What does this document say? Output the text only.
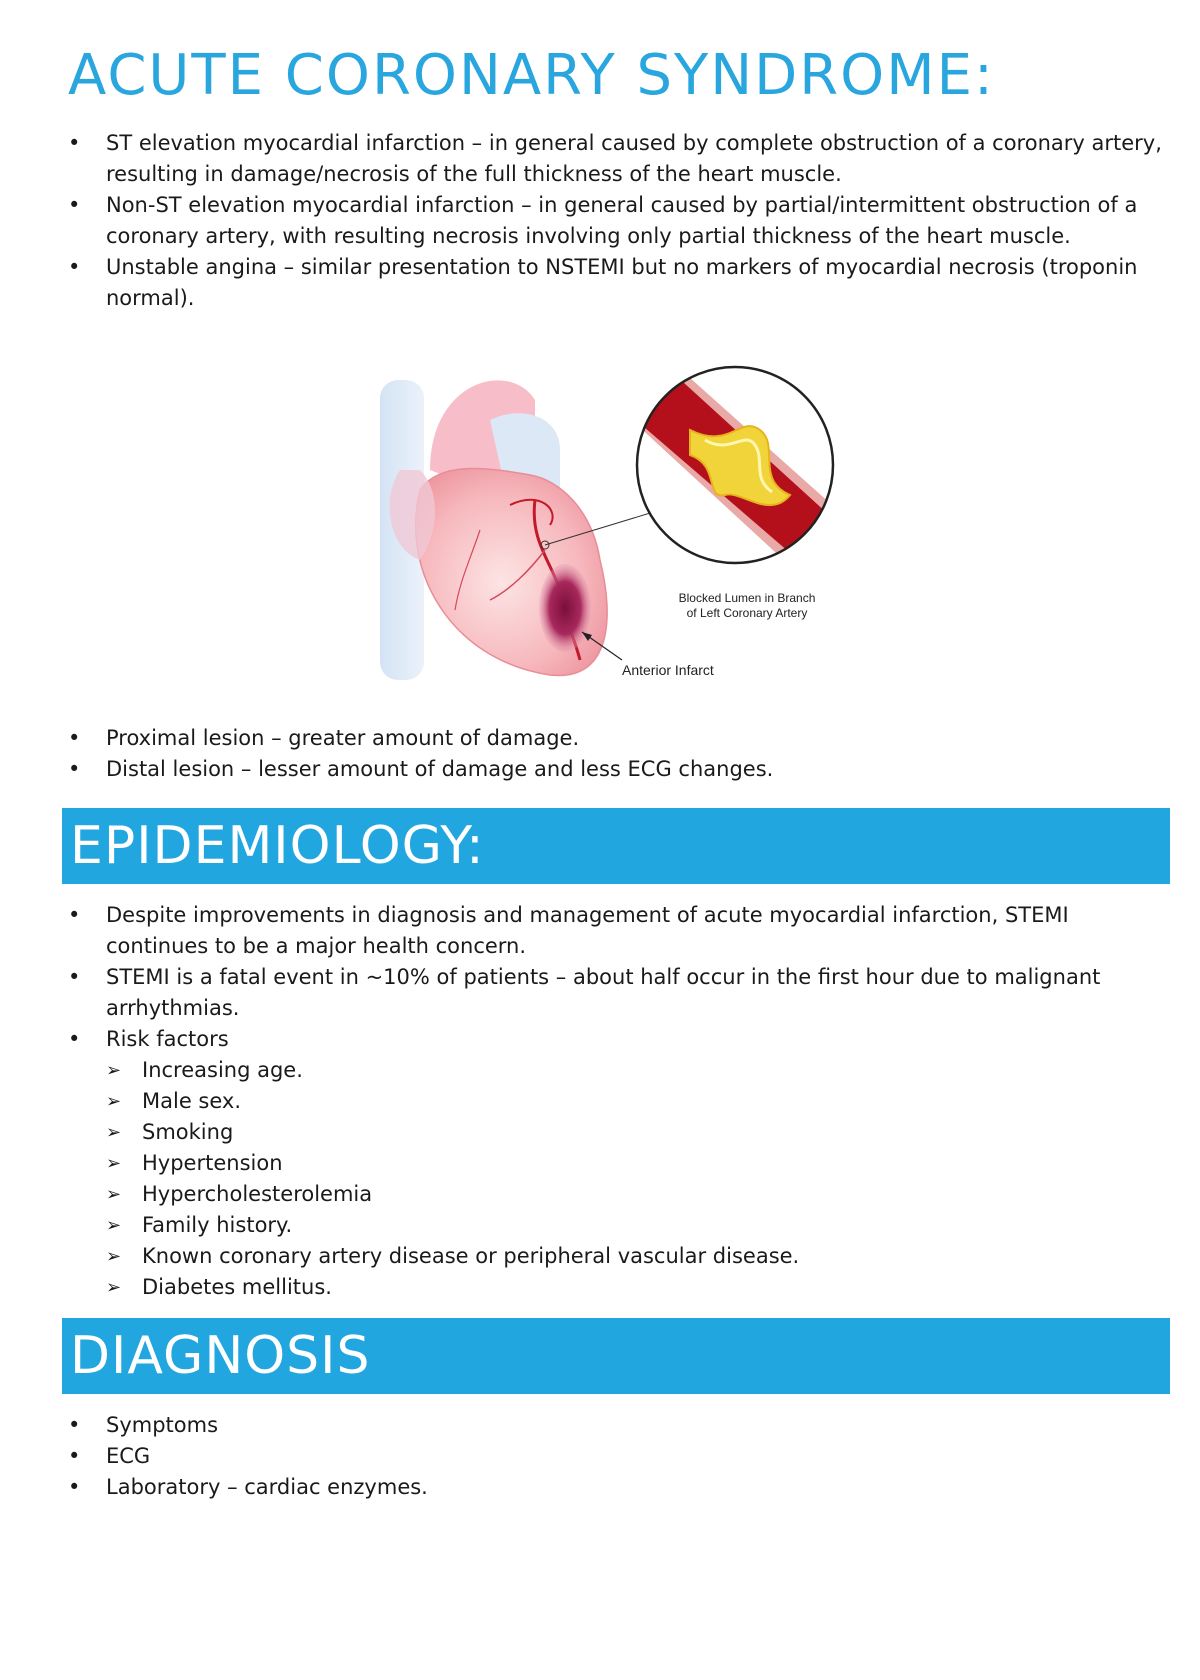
ACUTE CORONARY SYNDROME:
• ST elevation myocardial infarction – in general caused by complete obstruction of a coronary artery, resulting in damage/necrosis of the full thickness of the heart muscle.
• Non-ST elevation myocardial infarction – in general caused by partial/intermittent obstruction of a coronary artery, with resulting necrosis involving only partial thickness of the heart muscle.
• Unstable angina – similar presentation to NSTEMI but no markers of myocardial necrosis (troponin normal).
Blocked Lumen in Branch
of Left Coronary Artery
Anterior Infarct
• Proximal lesion – greater amount of damage.
• Distal lesion – lesser amount of damage and less ECG changes.
EPIDEMIOLOGY:
• Despite improvements in diagnosis and management of acute myocardial infarction, STEMI continues to be a major health concern.
• STEMI is a fatal event in ~10% of patients – about half occur in the first hour due to malignant arrhythmias.
• Risk factors
➢ Increasing age.
➢ Male sex.
➢ Smoking
➢ Hypertension
➢ Hypercholesterolemia
➢ Family history.
➢ Known coronary artery disease or peripheral vascular disease.
➢ Diabetes mellitus.
DIAGNOSIS
• Symptoms
• ECG
• Laboratory – cardiac enzymes.
